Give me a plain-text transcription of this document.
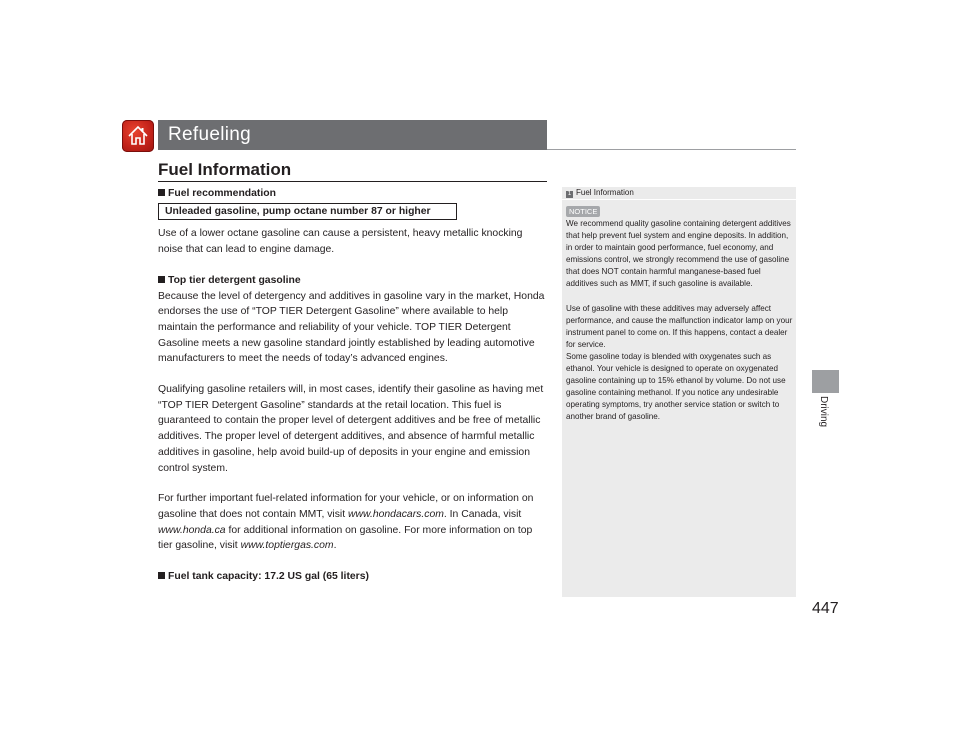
Refueling
Fuel Information

Fuel recommendation

Unleaded gasoline, pump octane number 87 or higher

Use of a lower octane gasoline can cause a persistent, heavy metallic knocking noise that can lead to engine damage.

Top tier detergent gasoline

Because the level of detergency and additives in gasoline vary in the market, Honda endorses the use of “TOP TIER Detergent Gasoline” where available to help maintain the performance and reliability of your vehicle. TOP TIER Detergent Gasoline meets a new gasoline standard jointly established by leading automotive manufacturers to meet the needs of today’s advanced engines.

Qualifying gasoline retailers will, in most cases, identify their gasoline as having met “TOP TIER Detergent Gasoline” standards at the retail location. This fuel is guaranteed to contain the proper level of detergent additives and be free of metallic additives. The proper level of detergent additives, and absence of harmful metallic additives in gasoline, help avoid build-up of deposits in your engine and emission control system.

For further important fuel-related information for your vehicle, or on information on gasoline that does not contain MMT, visit www.hondacars.com. In Canada, visit www.honda.ca for additional information on gasoline. For more information on top tier gasoline, visit www.toptiergas.com.

Fuel tank capacity: 17.2 US gal (65 liters)

1 Fuel Information
NOTICE

We recommend quality gasoline containing detergent additives that help prevent fuel system and engine deposits. In addition, in order to maintain good performance, fuel economy, and emissions control, we strongly recommend the use of gasoline that does NOT contain harmful manganese-based fuel additives such as MMT, if such gasoline is available.

Use of gasoline with these additives may adversely affect performance, and cause the malfunction indicator lamp on your instrument panel to come on. If this happens, contact a dealer for service.

Some gasoline today is blended with oxygenates such as ethanol. Your vehicle is designed to operate on oxygenated gasoline containing up to 15% ethanol by volume. Do not use gasoline containing methanol. If you notice any undesirable operating symptoms, try another service station or switch to another brand of gasoline.	Driving
447
